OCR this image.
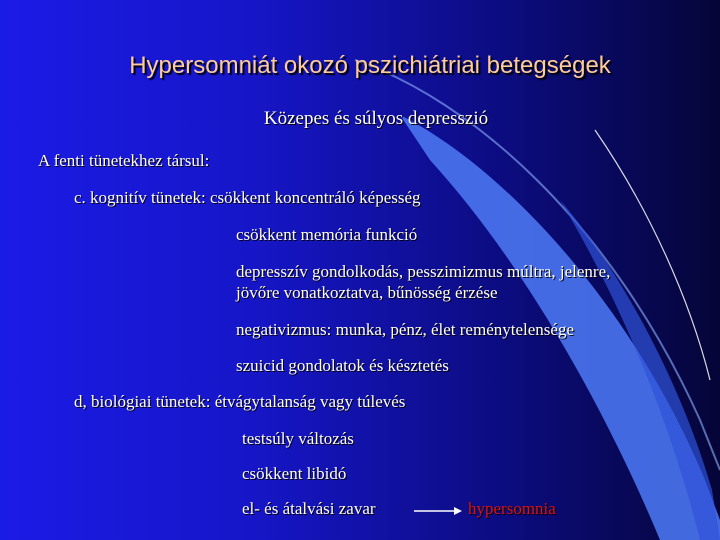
Hypersomniát okozó pszichiátriai betegségek
Közepes és súlyos depresszió
A fenti tünetekhez társul:
c. kognitív tünetek: csökkent koncentráló képesség
csökkent memória funkció
depresszív gondolkodás, pesszimizmus múltra, jelenre,
jövőre vonatkoztatva, bűnösség érzése
negativizmus: munka, pénz, élet reménytelensége
szuicid gondolatok és késztetés
d, biológiai tünetek: étvágytalanság vagy túlevés
testsúly változás
csökkent libidó
el- és átalvási zavar	hypersomnia
